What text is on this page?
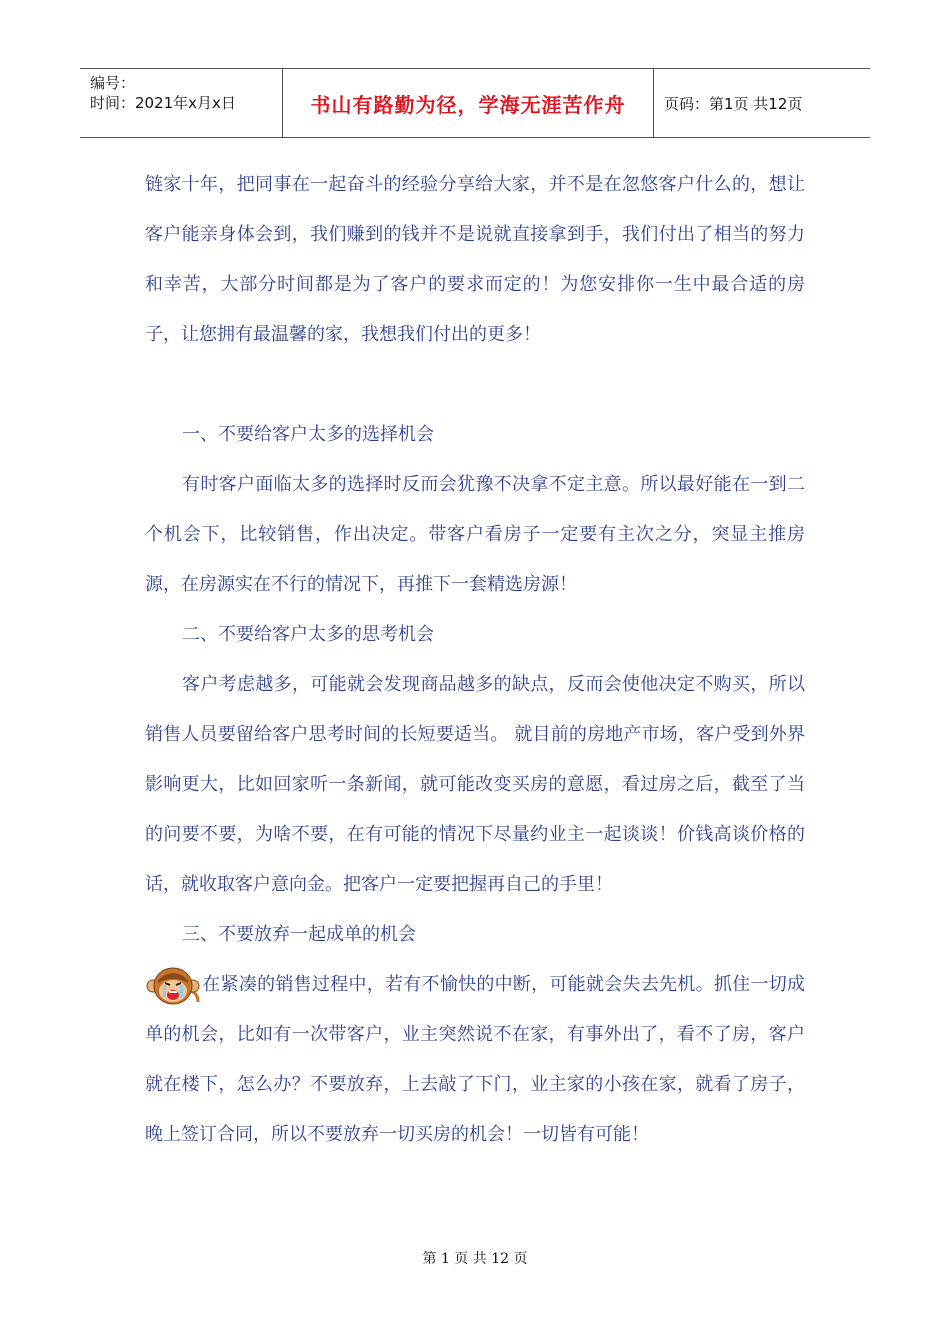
编号：
时间：2021年x月x日	书山有路勤为径，学海无涯苦作舟	页码：第1页 共12页

链家十年，把同事在一起奋斗的经验分享给大家，并不是在忽悠客户什么的，想让客户能亲身体会到，我们赚到的钱并不是说就直接拿到手，我们付出了相当的努力和幸苦，大部分时间都是为了客户的要求而定的！为您安排你一生中最合适的房子，让您拥有最温馨的家，我想我们付出的更多！

一、不要给客户太多的选择机会

有时客户面临太多的选择时反而会犹豫不决拿不定主意。所以最好能在一到二个机会下，比较销售，作出决定。带客户看房子一定要有主次之分，突显主推房源，在房源实在不行的情况下，再推下一套精选房源！

二、不要给客户太多的思考机会

客户考虑越多，可能就会发现商品越多的缺点，反而会使他决定不购买，所以销售人员要留给客户思考时间的长短要适当。 就目前的房地产市场，客户受到外界影响更大，比如回家听一条新闻，就可能改变买房的意愿，看过房之后，截至了当的问要不要，为啥不要，在有可能的情况下尽量约业主一起谈谈！价钱高谈价格的话，就收取客户意向金。把客户一定要把握再自己的手里！

三、不要放弃一起成单的机会

在紧凑的销售过程中，若有不愉快的中断，可能就会失去先机。抓住一切成单的机会，比如有一次带客户，业主突然说不在家，有事外出了，看不了房，客户就在楼下，怎么办？不要放弃，上去敲了下门，业主家的小孩在家，就看了房子，晚上签订合同，所以不要放弃一切买房的机会！一切皆有可能！

第 1 页 共 12 页
